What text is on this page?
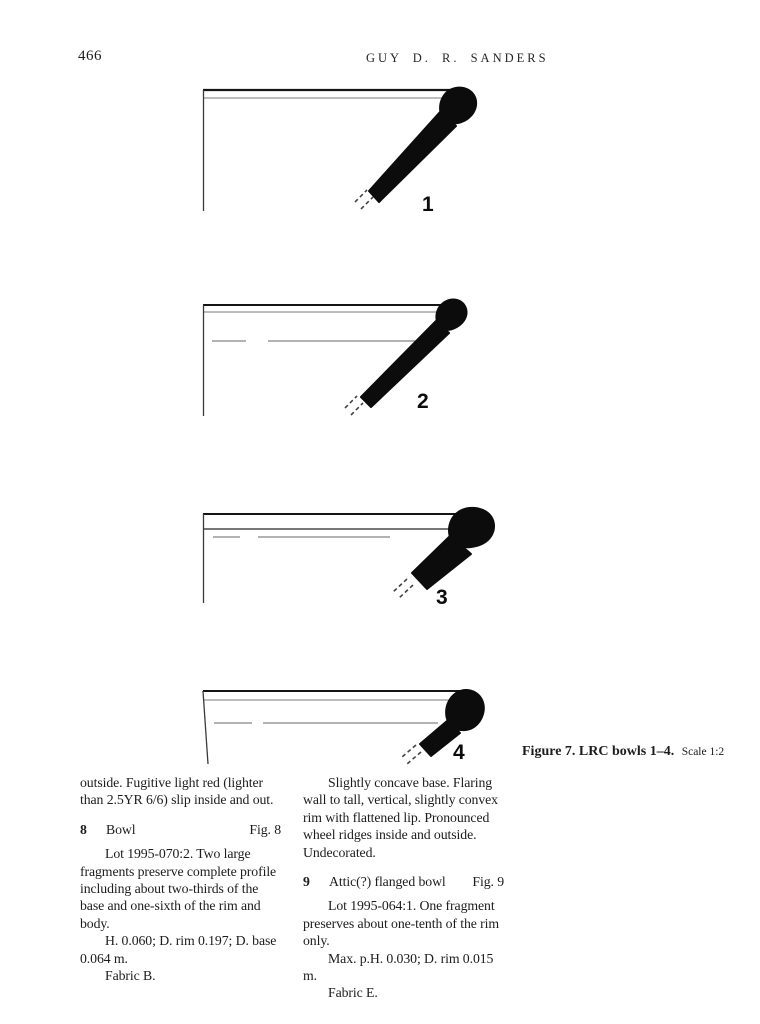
466	GUY D. R. SANDERS
1
2
3
4	Figure 7. LRC bowls 1–4. Scale 1:2

outside. Fugitive light red (lighter than 2.5YR 6/6) slip inside and out.

8	Bowl	Fig. 8

Lot 1995-070:2. Two large fragments preserve complete profile including about two-thirds of the base and one-sixth of the rim and body.

H. 0.060; D. rim 0.197; D. base 0.064 m.

Fabric B.

Slightly concave base. Flaring wall to tall, vertical, slightly convex rim with flattened lip. Pronounced wheel ridges inside and outside. Undecorated.

9	Attic(?) flanged bowl	Fig. 9

Lot 1995-064:1. One fragment preserves about one-tenth of the rim only.

Max. p.H. 0.030; D. rim 0.015 m.

Fabric E.
